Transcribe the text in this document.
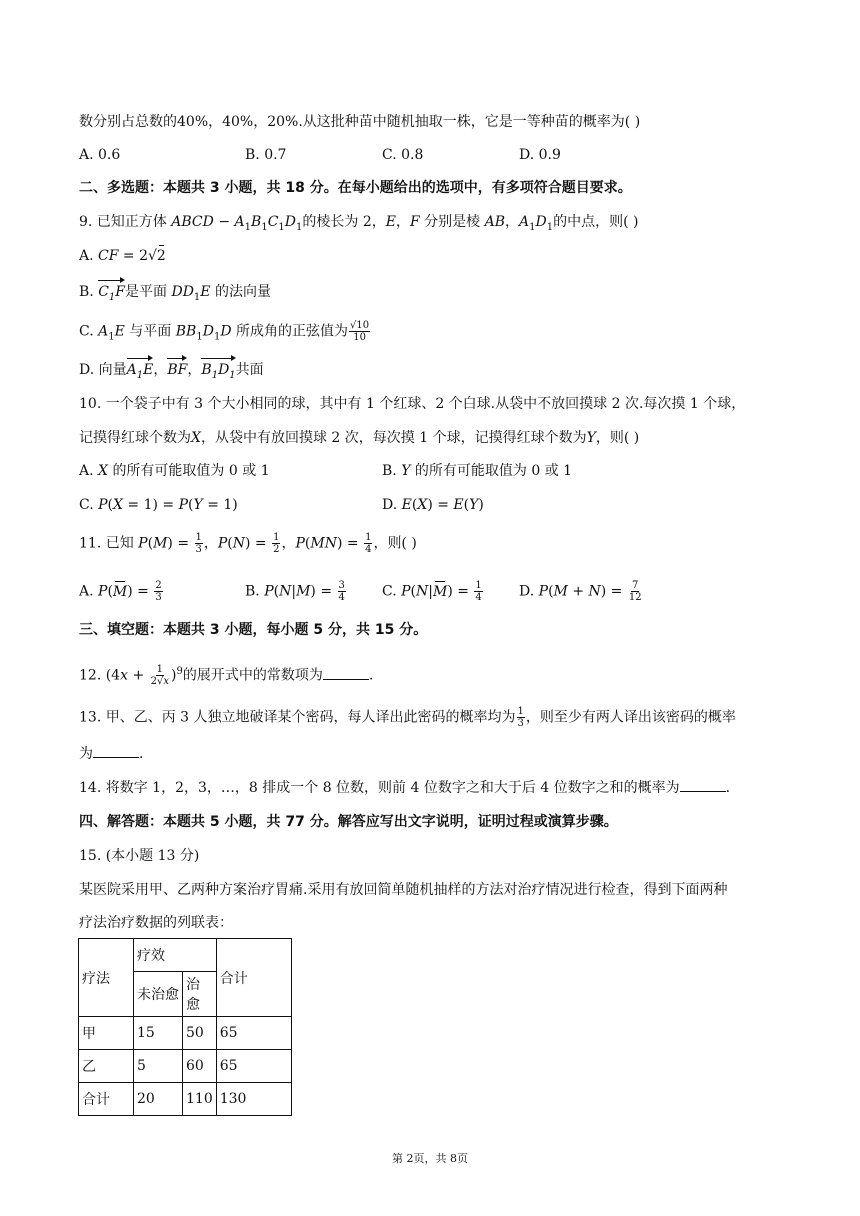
数分别占总数的40%，40%，20%.从这批种苗中随机抽取一株，它是一等种苗的概率为( )
A. 0.6	B. 0.7	C. 0.8	D. 0.9
二、多选题：本题共 3 小题，共 18 分。在每小题给出的选项中，有多项符合题目要求。
9. 已知正方体 ABCD − $A_1B_1C_1D_1$的棱长为 2，E，F 分别是棱 AB，$A_1D_1$的中点，则( )
A. CF = 2√2
B. $C_1F$是平面 $DD_1E$ 的法向量
C. $A_1E$ 与平面 $BB_1D_1D$ 所成角的正弦值为 $\frac{√10}{10}$
D. 向量$A_1E$，BF，$B_1D_1$共面
10. 一个袋子中有 3 个大小相同的球，其中有 1 个红球、2 个白球.从袋中不放回摸球 2 次.每次摸 1 个球，
记摸得红球个数为X，从袋中有放回摸球 2 次，每次摸 1 个球，记摸得红球个数为Y，则( )
A. X 的所有可能取值为 0 或 1	B. Y 的所有可能取值为 0 或 1
C. P(X = 1) = P(Y = 1)	D. E(X) = E(Y)
11. 已知 $P(M) = \frac{1}{3}$ ，$P(N) = \frac{1}{2}$ ，$P(MN) = \frac{1}{4}$ ，则( )
A. $P(M) = \frac{2}{3}$	B. $P(N|M) = \frac{3}{4}$	C. $P(N|M) = \frac{1}{4}$	D. $P(M + N) = \frac{7}{12}$
三、填空题：本题共 3 小题，每小题 5 分，共 15 分。
12. $(4x + \frac{1}{2√x} )^9$的展开式中的常数项为	.
13. 甲、乙、丙 3 人独立地破译某个密码，每人译出此密码的概率均为 $\frac{1}{3}$ ，则至少有两人译出该密码的概率
为	.
14. 将数字 1，2，3，…，8 排成一个 8 位数，则前 4 位数字之和大于后 4 位数字之和的概率为	.
四、解答题：本题共 5 小题，共 77 分。解答应写出文字说明，证明过程或演算步骤。
15. (本小题 13 分)
某医院采用甲、乙两种方案治疗胃痛.采用有放回简单随机抽样的方法对治疗情况进行检查，得到下面两种
疗法治疗数据的列联表：
疗法	疗效		合计
	未治愈	治愈	
甲	15	50	65
乙	5	60	65
合计	20	110	130
第 2页，共 8页
